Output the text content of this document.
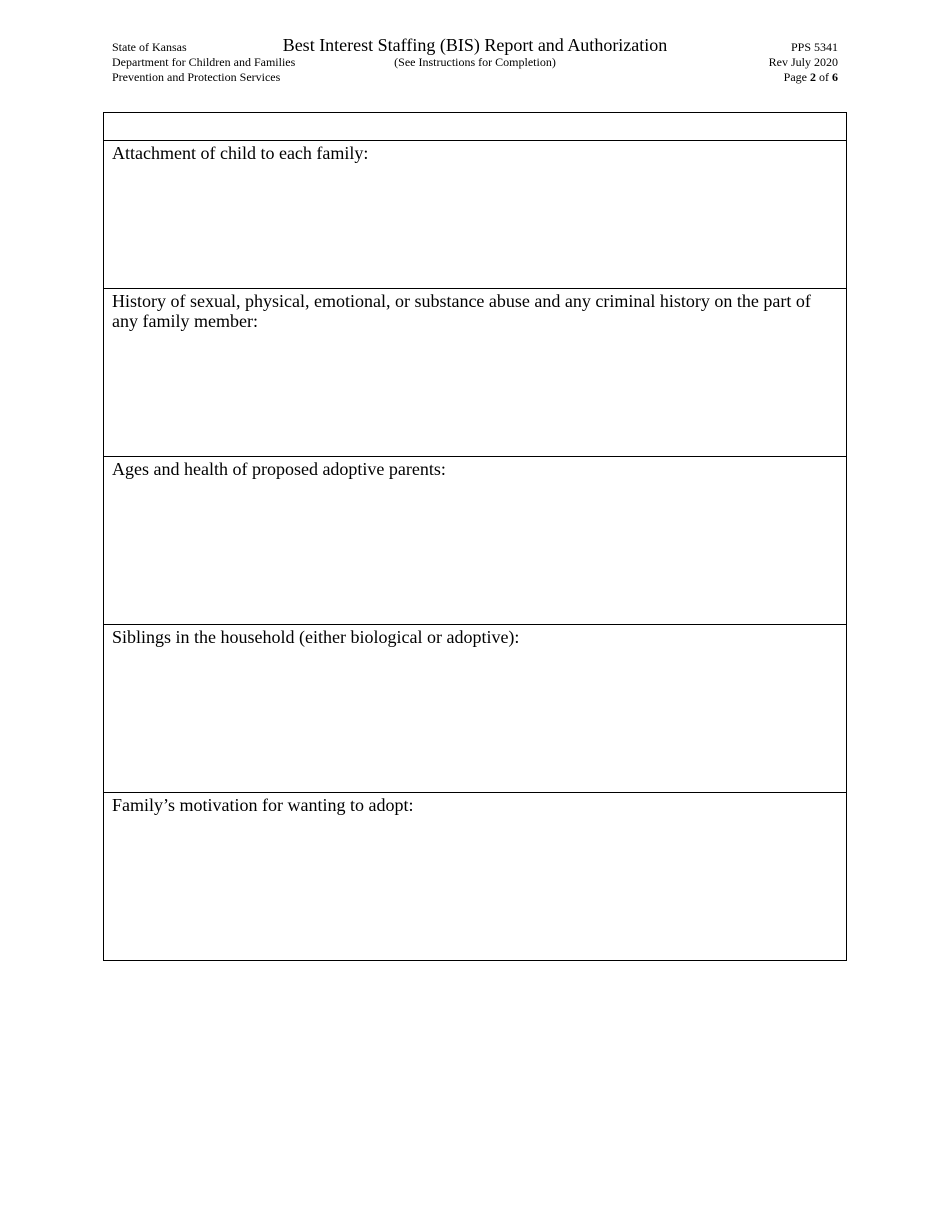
State of Kansas
Department for Children and Families
Prevention and Protection Services
Best Interest Staffing (BIS) Report and Authorization
(See Instructions for Completion)
PPS 5341
Rev July 2020
Page 2 of 6

Attachment of child to each family:

History of sexual, physical, emotional, or substance abuse and any criminal history on the part of any family member:

Ages and health of proposed adoptive parents:

Siblings in the household (either biological or adoptive):

Family’s motivation for wanting to adopt:
